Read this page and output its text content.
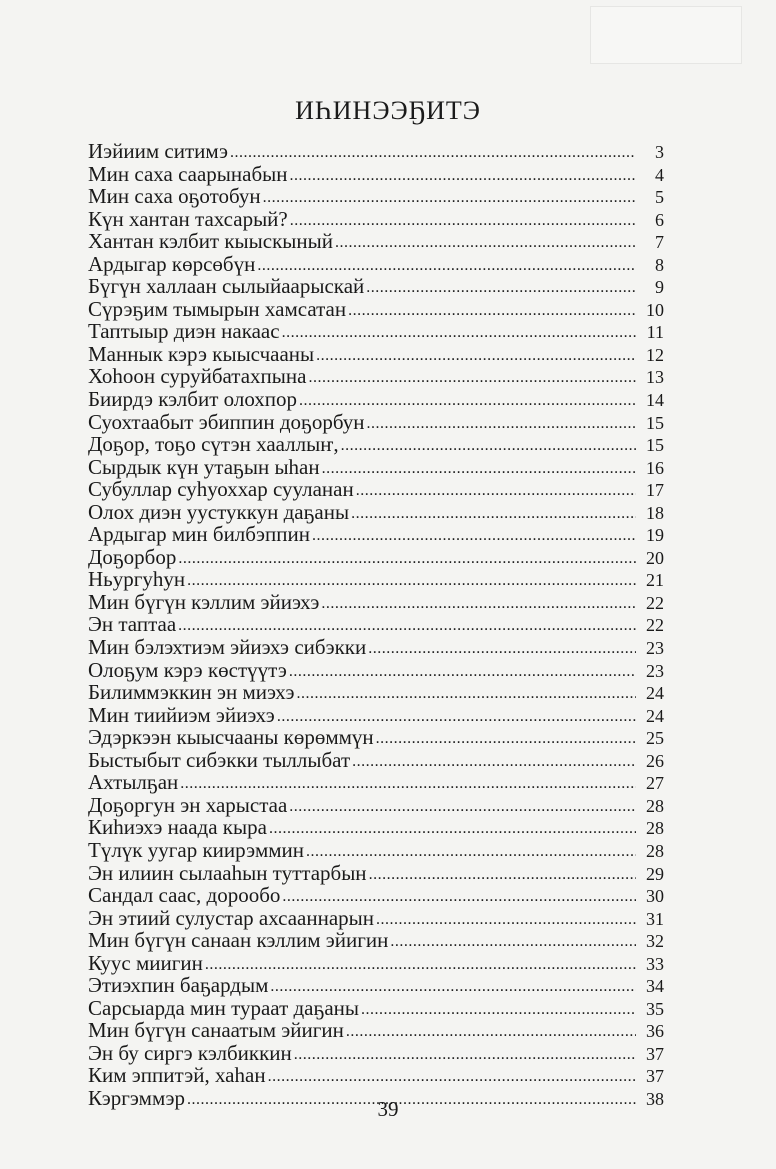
ИҺИНЭЭҔИТЭ
Иэйиим ситимэ .....	3
Мин саха саарынабын .....	4
Мин саха оҕотобун .....	5
Күн хантан тахсарый? .....	6
Хантан кэлбит кыыскыный .....	7
Ардыгар көрсөбүн .....	8
Бүгүн халлаан сылыйаарыскай .....	9
Сүрэҕим тымырын хамсатан .....	10
Таптыыр диэн накаас .....	11
Маннык кэрэ кыысчааны .....	12
Хоһоон суруйбатахпына .....	13
Биирдэ кэлбит олохпор .....	14
Суохтаабыт эбиппин доҕорбун .....	15
Доҕор, тоҕо сүтэн хааллыҥ, .....	15
Сырдык күн утаҕын ыһан .....	16
Субуллар суһуоххар сууланан .....	17
Олох диэн уустуккун даҕаны .....	18
Ардыгар мин билбэппин .....	19
Доҕорбор .....	20
Ньургуһун .....	21
Мин бүгүн кэллим эйиэхэ .....	22
Эн таптаа .....	22
Мин бэлэхтиэм эйиэхэ сибэкки .....	23
Олоҕум кэрэ көстүүтэ .....	23
Билиммэккин эн миэхэ .....	24
Мин тиийиэм эйиэхэ .....	24
Эдэркээн кыысчааны көрөммүн .....	25
Быстыбыт сибэкки тыллыбат .....	26
Ахтылҕан .....	27
Доҕоргун эн харыстаа .....	28
Киһиэхэ наада кыра .....	28
Түлүк уугар киирэммин .....	28
Эн илиин сылааһын туттарбын .....	29
Сандал саас, дорообо .....	30
Эн этиий сулустар ахсааннарын .....	31
Мин бүгүн санаан кэллим эйигин .....	32
Куус миигин .....	33
Этиэхпин баҕардым .....	34
Сарсыарда мин тураат даҕаны .....	35
Мин бүгүн санаатым эйигин .....	36
Эн бу сиргэ кэлбиккин .....	37
Ким эппитэй, хаһан .....	37
Кэргэммэр .....	38
39
